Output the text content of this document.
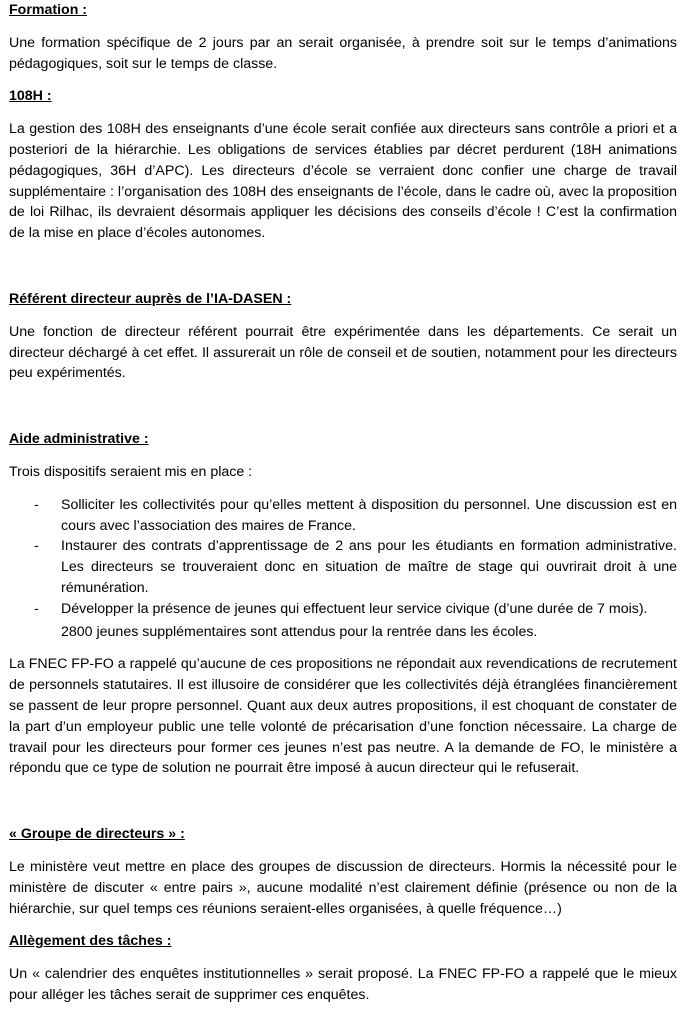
Formation :

Une formation spécifique de 2 jours par an serait organisée, à prendre soit sur le temps d’animations pédagogiques, soit sur le temps de classe.

108H :

La gestion des 108H des enseignants d’une école serait confiée aux directeurs sans contrôle a priori et a posteriori de la hiérarchie. Les obligations de services établies par décret perdurent (18H animations pédagogiques, 36H d’APC). Les directeurs d’école se verraient donc confier une charge de travail supplémentaire : l’organisation des 108H des enseignants de l’école, dans le cadre où, avec la proposition de loi Rilhac, ils devraient désormais appliquer les décisions des conseils d’école ! C’est la confirmation de la mise en place d’écoles autonomes.

Référent directeur auprès de l’IA-DASEN :

Une fonction de directeur référent pourrait être expérimentée dans les départements. Ce serait un directeur déchargé à cet effet. Il assurerait un rôle de conseil et de soutien, notamment pour les directeurs peu expérimentés.

Aide administrative :

Trois dispositifs seraient mis en place :

- Solliciter les collectivités pour qu’elles mettent à disposition du personnel. Une discussion est en cours avec l’association des maires de France.
- Instaurer des contrats d’apprentissage de 2 ans pour les étudiants en formation administrative. Les directeurs se trouveraient donc en situation de maître de stage qui ouvrirait droit à une rémunération.
- Développer la présence de jeunes qui effectuent leur service civique (d’une durée de 7 mois).

2800 jeunes supplémentaires sont attendus pour la rentrée dans les écoles.

La FNEC FP-FO a rappelé qu’aucune de ces propositions ne répondait aux revendications de recrutement de personnels statutaires. Il est illusoire de considérer que les collectivités déjà étranglées financièrement se passent de leur propre personnel. Quant aux deux autres propositions, il est choquant de constater de la part d’un employeur public une telle volonté de précarisation d’une fonction nécessaire. La charge de travail pour les directeurs pour former ces jeunes n’est pas neutre. A la demande de FO, le ministère a répondu que ce type de solution ne pourrait être imposé à aucun directeur qui le refuserait.

« Groupe de directeurs » :

Le ministère veut mettre en place des groupes de discussion de directeurs. Hormis la nécessité pour le ministère de discuter « entre pairs », aucune modalité n’est clairement définie (présence ou non de la hiérarchie, sur quel temps ces réunions seraient-elles organisées, à quelle fréquence…)

Allègement des tâches :

Un « calendrier des enquêtes institutionnelles » serait proposé. La FNEC FP-FO a rappelé que le mieux pour alléger les tâches serait de supprimer ces enquêtes.
